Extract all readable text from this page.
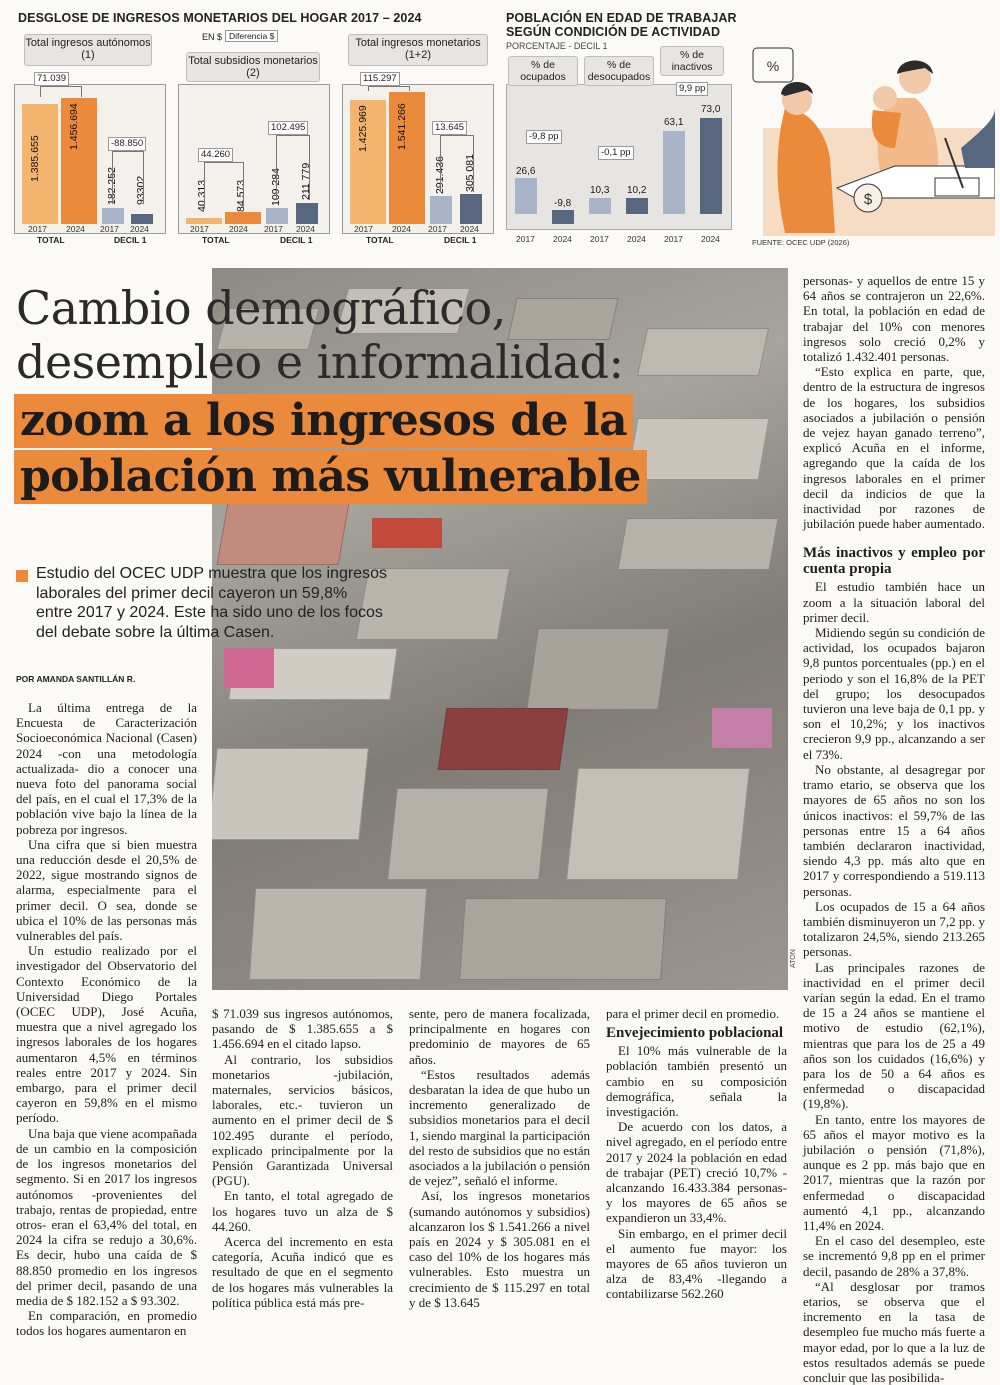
DESGLOSE DE INGRESOS MONETARIOS DEL HOGAR 2017 – 2024
EN $ Diferencia $
Total ingresos autónomos (1)	Total subsidios monetarios (2)
Total ingresos monetarios (1+2)
1.385.655
1.456.694
182.252 93302
71.039
-88.850
40 313	84 573 109 284 211 779
44.260
102.495	1.425.969	1.541.266
291.436 305 081
115.297
13.645
2017 2024 2017 2024
TOTAL	DECIL 1
2017 2024 2017 2024
TOTAL	DECIL 1
2017 2024 2017 2024
TOTAL	DECIL 1
POBLACIÓN EN EDAD DE TRABAJAR
SEGÚN CONDICIÓN DE ACTIVIDAD
PORCENTAJE - DECIL 1
% de ocupados
% de desocupados
% de inactivos
26,6
-9,8
10,3 10,2
63,1
73,0
-9,8 pp
-0,1 pp
9,9 pp
2017 2024 2017 2024 2017 2024
%
$
FUENTE: OCEC UDP (2026)
ATON
Cambio demográfico,
desempleo e informalidad:
zoom a los ingresos de la
población más vulnerable
Estudio del OCEC UDP muestra que los ingresos laborales del primer decil cayeron un 59,8% entre 2017 y 2024. Este ha sido uno de los focos del debate sobre la última Casen.
POR AMANDA SANTILLÁN R.

La última entrega de la Encuesta de Caracterización Socioeconómica Nacional (Casen) 2024 -con una metodología actualizada- dio a conocer una nueva foto del panorama social del país, en el cual el 17,3% de la población vive bajo la línea de la pobreza por ingresos.

Una cifra que si bien muestra una reducción desde el 20,5% de 2022, sigue mostrando signos de alarma, especialmente para el primer decil. O sea, donde se ubica el 10% de las personas más vulnerables del país.

Un estudio realizado por el investigador del Observatorio del Contexto Económico de la Universidad Diego Portales (OCEC UDP), José Acuña, muestra que a nivel agregado los ingresos laborales de los hogares aumentaron 4,5% en términos reales entre 2017 y 2024. Sin embargo, para el primer decil cayeron en 59,8% en el mismo período.

Una baja que viene acompañada de un cambio en la composición de los ingresos monetarios del segmento. Si en 2017 los ingresos autónomos -provenientes del trabajo, rentas de propiedad, entre otros- eran el 63,4% del total, en 2024 la cifra se redujo a 30,6%. Es decir, hubo una caída de $ 88.850 promedio en los ingresos del primer decil, pasando de una media de $ 182.152 a $ 93.302.

En comparación, en promedio todos los hogares aumentaron en

$ 71.039 sus ingresos autónomos, pasando de $ 1.385.655 a $ 1.456.694 en el citado lapso.

Al contrario, los subsidios monetarios -jubilación, maternales, servicios básicos, laborales, etc.- tuvieron un aumento en el primer decil de $ 102.495 durante el período, explicado principalmente por la Pensión Garantizada Universal (PGU).

En tanto, el total agregado de los hogares tuvo un alza de $ 44.260.

Acerca del incremento en esta categoría, Acuña indicó que es resultado de que en el segmento de los hogares más vulnerables la política pública está más pre-

sente, pero de manera focalizada, principalmente en hogares con predominio de mayores de 65 años.

“Estos resultados además desbaratan la idea de que hubo un incremento generalizado de subsidios monetarios para el decil 1, siendo marginal la participación del resto de subsidios que no están asociados a la jubilación o pensión de vejez”, señaló el informe.

Así, los ingresos monetarios (sumando autónomos y subsidios) alcanzaron los $ 1.541.266 a nivel país en 2024 y $ 305.081 en el caso del 10% de los hogares más vulnerables. Esto muestra un crecimiento de $ 115.297 en total y de $ 13.645

para el primer decil en promedio.

Envejecimiento poblacional

El 10% más vulnerable de la población también presentó un cambio en su composición demográfica, señala la investigación.

De acuerdo con los datos, a nivel agregado, en el período entre 2017 y 2024 la población en edad de trabajar (PET) creció 10,7% -alcanzando 16.433.384 personas- y los mayores de 65 años se expandieron un 33,4%.

Sin embargo, en el primer decil el aumento fue mayor: los mayores de 65 años tuvieron un alza de 83,4% -llegando a contabilizarse 562.260

personas- y aquellos de entre 15 y 64 años se contrajeron un 22,6%. En total, la población en edad de trabajar del 10% con menores ingresos solo creció 0,2% y totalizó 1.432.401 personas.

“Esto explica en parte, que, dentro de la estructura de ingresos de los hogares, los subsidios asociados a jubilación o pensión de vejez hayan ganado terreno”, explicó Acuña en el informe, agregando que la caída de los ingresos laborales en el primer decil da indicios de que la inactividad por razones de jubilación puede haber aumentado.

Más inactivos y empleo por cuenta propia

El estudio también hace un zoom a la situación laboral del primer decil.

Midiendo según su condición de actividad, los ocupados bajaron 9,8 puntos porcentuales (pp.) en el periodo y son el 16,8% de la PET del grupo; los desocupados tuvieron una leve baja de 0,1 pp. y son el 10,2%; y los inactivos crecieron 9,9 pp., alcanzando a ser el 73%.

No obstante, al desagregar por tramo etario, se observa que los mayores de 65 años no son los únicos inactivos: el 59,7% de las personas entre 15 a 64 años también declararon inactividad, siendo 4,3 pp. más alto que en 2017 y correspondiendo a 519.113 personas.

Los ocupados de 15 a 64 años también disminuyeron un 7,2 pp. y totalizaron 24,5%, siendo 213.265 personas.

Las principales razones de inactividad en el primer decil varían según la edad. En el tramo de 15 a 24 años se mantiene el motivo de estudio (62,1%), mientras que para los de 25 a 49 años son los cuidados (16,6%) y para los de 50 a 64 años es enfermedad o discapacidad (19,8%).

En tanto, entre los mayores de 65 años el mayor motivo es la jubilación o pensión (71,8%), aunque es 2 pp. más bajo que en 2017, mientras que la razón por enfermedad o discapacidad aumentó 4,1 pp., alcanzando 11,4% en 2024.

En el caso del desempleo, este se incrementó 9,8 pp en el primer decil, pasando de 28% a 37,8%.

“Al desglosar por tramos etarios, se observa que el incremento en la tasa de desempleo fue mucho más fuerte a mayor edad, por lo que a la luz de estos resultados además se puede concluir que las posibilida-
